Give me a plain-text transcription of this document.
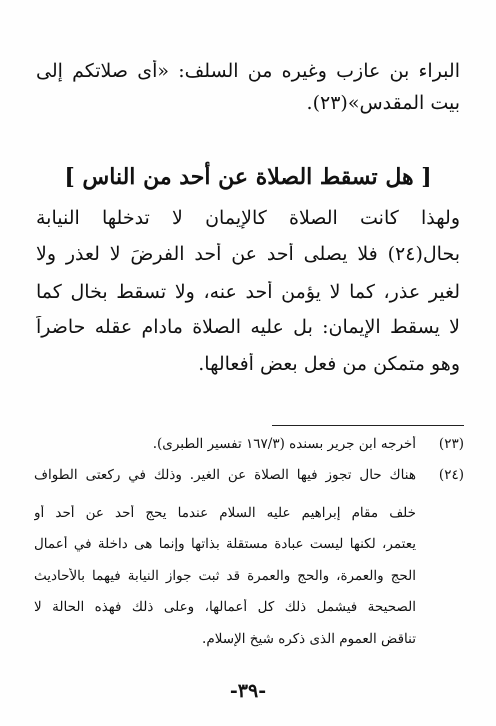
البراء بن عازب وغيره من السلف: «أى صلاتكم إلى
بيت المقدس»(٢٣).
[ هل تسقط الصلاة عن أحد من الناس ]
ولهذا كانت الصلاة كالإيمان لا تدخلها النيابة
بحال(٢٤) فلا يصلى أحد عن أحد الفرضَ لا لعذر ولا
لغير عذر، كما لا يؤمن أحد عنه، ولا تسقط بخال كما
لا يسقط الإيمان: بل عليه الصلاة مادام عقله حاضراً
وهو متمكن من فعل بعض أفعالها.
(٢٣)
أخرجه ابن جرير بسنده (١٦٧/٣ تفسير الطبرى).
(٢٤)
هناك حال تجوز فيها الصلاة عن الغير. وذلك في ركعتى الطواف
خلف مقام إبراهيم عليه السلام عندما يحج أحد عن أحد أو
يعتمر، لكنها ليست عبادة مستقلة بذاتها وإنما هى داخلة في أعمال
الحج والعمرة، والحج والعمرة قد ثبت جواز النيابة فيهما بالأحاديث
الصحيحة فيشمل ذلك كل أعمالها، وعلى ذلك فهذه الحالة لا
تناقض العموم الذى ذكره شيخ الإسلام.
-٣٩-
